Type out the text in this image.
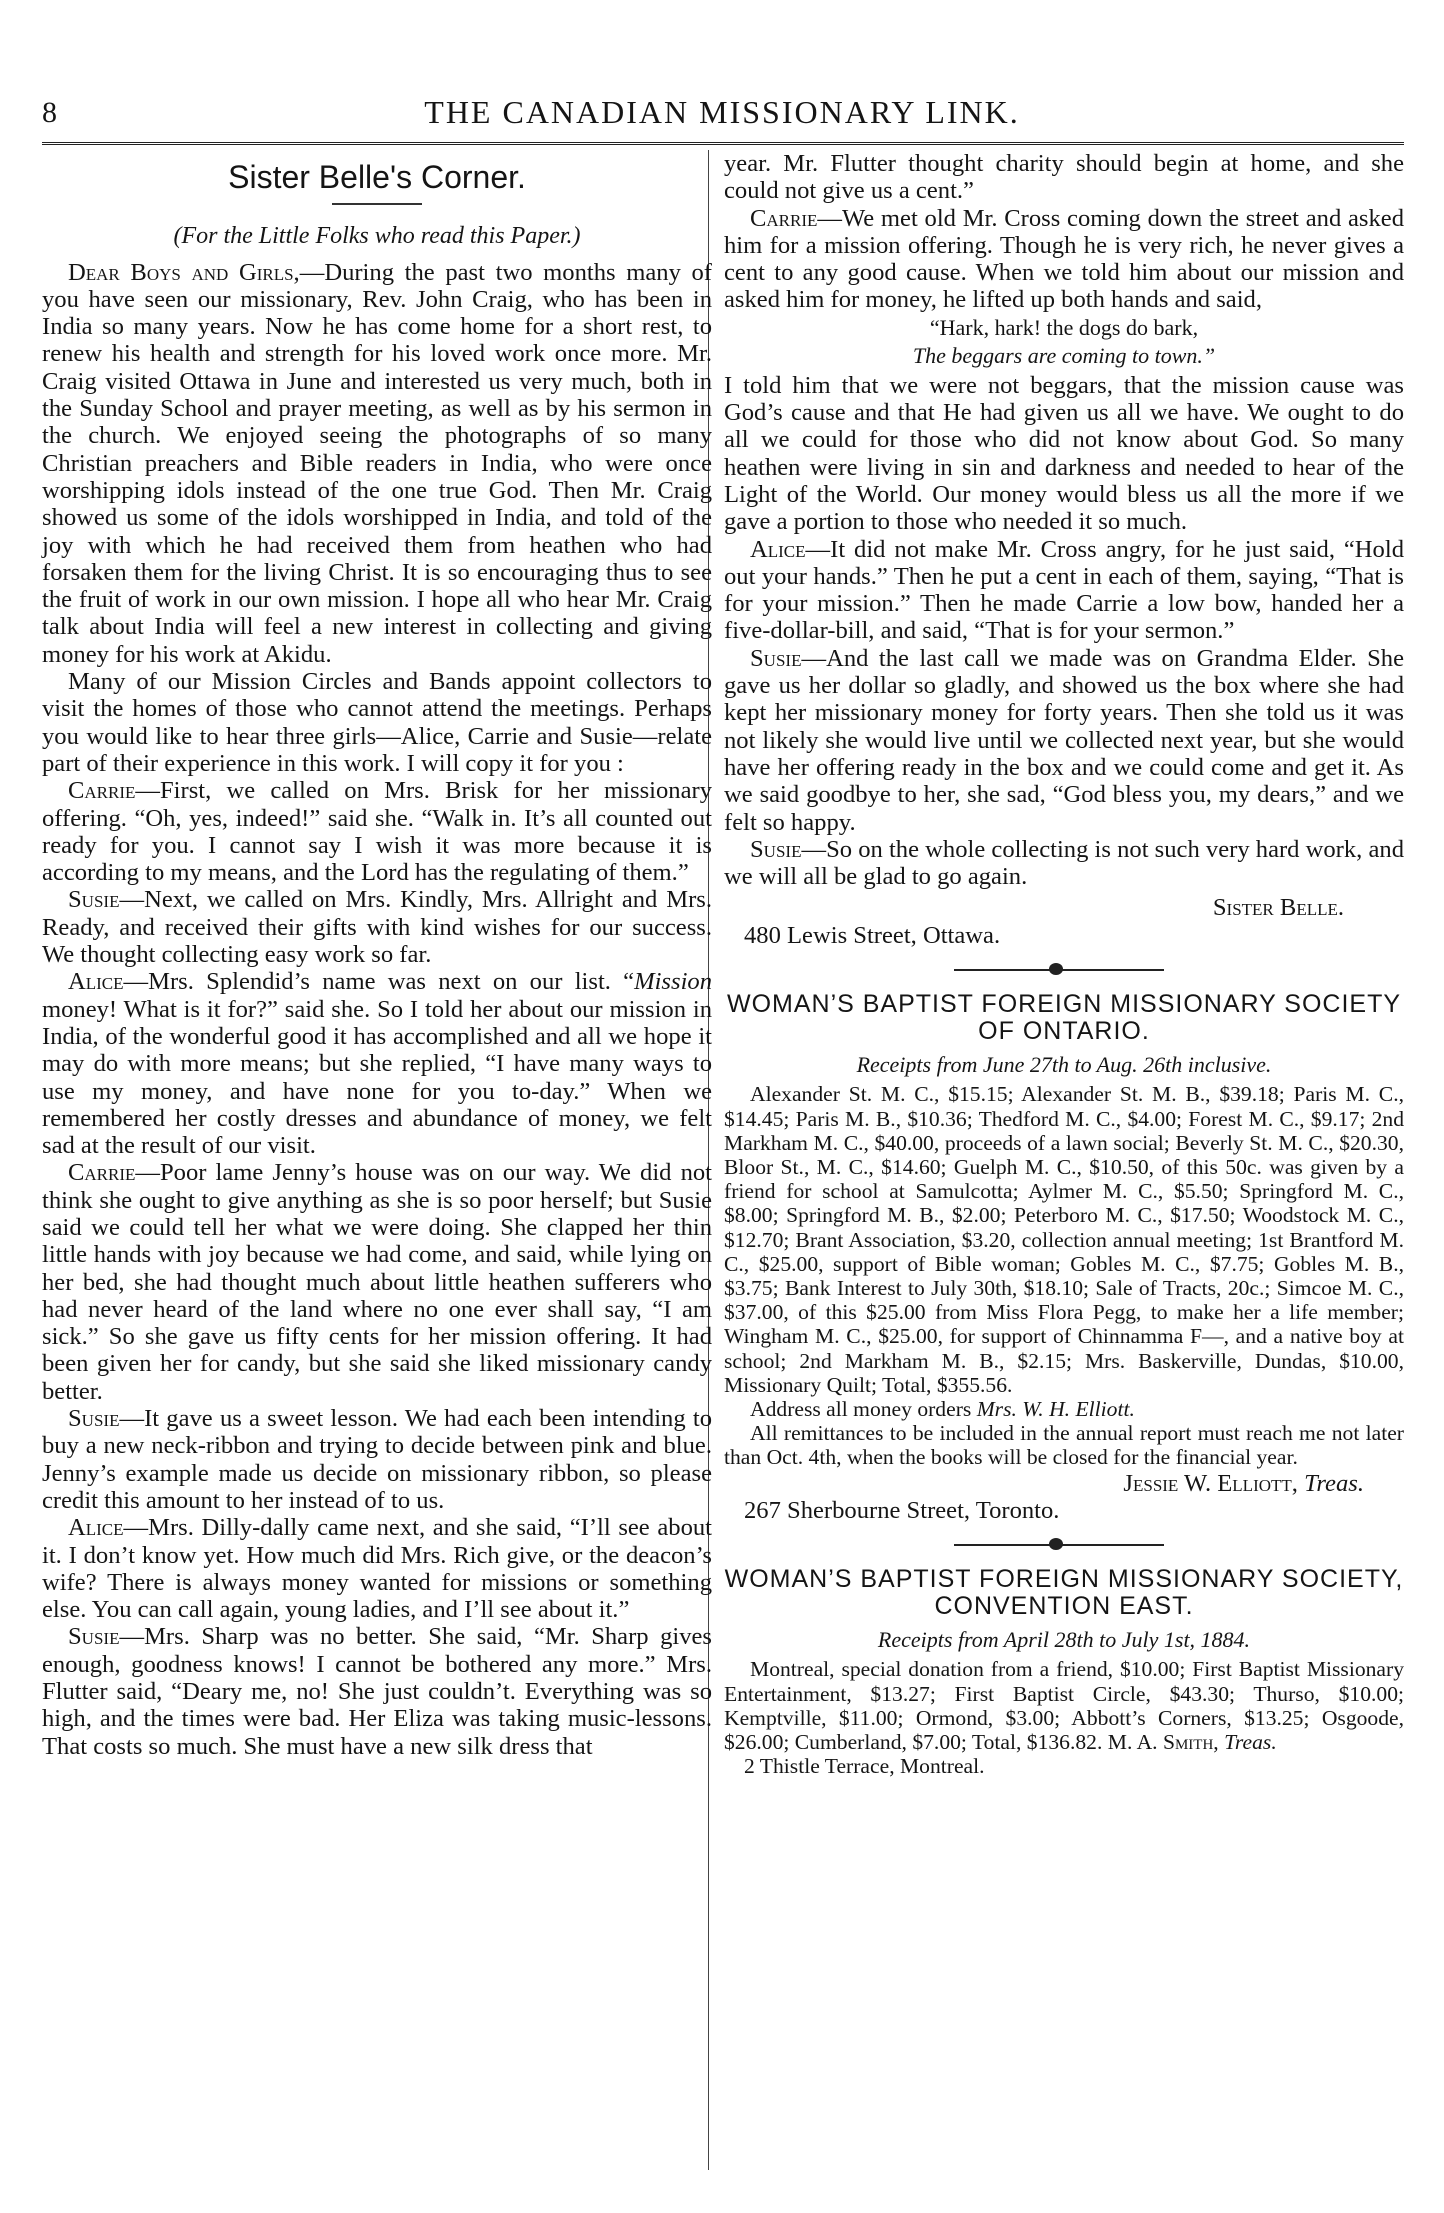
8	THE CANADIAN MISSIONARY LINK.
Sister Belle's Corner.
(For the Little Folks who read this Paper.)

Dear Boys and Girls,—During the past two months many of you have seen our missionary, Rev. John Craig, who has been in India so many years. Now he has come home for a short rest, to renew his health and strength for his loved work once more. Mr. Craig visited Ottawa in June and interested us very much, both in the Sunday School and prayer meeting, as well as by his sermon in the church. We enjoyed seeing the photographs of so many Christian preachers and Bible readers in India, who were once worshipping idols instead of the one true God. Then Mr. Craig showed us some of the idols worshipped in India, and told of the joy with which he had received them from heathen who had forsaken them for the living Christ. It is so encouraging thus to see the fruit of work in our own mission. I hope all who hear Mr. Craig talk about India will feel a new interest in collecting and giving money for his work at Akidu.

Many of our Mission Circles and Bands appoint collectors to visit the homes of those who cannot attend the meetings. Perhaps you would like to hear three girls—Alice, Carrie and Susie—relate part of their experience in this work. I will copy it for you :

Carrie—First, we called on Mrs. Brisk for her missionary offering. “Oh, yes, indeed!” said she. “Walk in. It’s all counted out ready for you. I cannot say I wish it was more because it is according to my means, and the Lord has the regulating of them.”

Susie—Next, we called on Mrs. Kindly, Mrs. Allright and Mrs. Ready, and received their gifts with kind wishes for our success. We thought collecting easy work so far.

Alice—Mrs. Splendid’s name was next on our list. “Mission money! What is it for?” said she. So I told her about our mission in India, of the wonderful good it has accomplished and all we hope it may do with more means; but she replied, “I have many ways to use my money, and have none for you to-day.” When we remembered her costly dresses and abundance of money, we felt sad at the result of our visit.

Carrie—Poor lame Jenny’s house was on our way. We did not think she ought to give anything as she is so poor herself; but Susie said we could tell her what we were doing. She clapped her thin little hands with joy because we had come, and said, while lying on her bed, she had thought much about little heathen sufferers who had never heard of the land where no one ever shall say, “I am sick.” So she gave us fifty cents for her mission offering. It had been given her for candy, but she said she liked missionary candy better.

Susie—It gave us a sweet lesson. We had each been intending to buy a new neck-ribbon and trying to decide between pink and blue. Jenny’s example made us decide on missionary ribbon, so please credit this amount to her instead of to us.

Alice—Mrs. Dilly-dally came next, and she said, “I’ll see about it. I don’t know yet. How much did Mrs. Rich give, or the deacon’s wife? There is always money wanted for missions or something else. You can call again, young ladies, and I’ll see about it.”

Susie—Mrs. Sharp was no better. She said, “Mr. Sharp gives enough, goodness knows! I cannot be bothered any more.” Mrs. Flutter said, “Deary me, no! She just couldn’t. Everything was so high, and the times were bad. Her Eliza was taking music-lessons. That costs so much. She must have a new silk dress that

year. Mr. Flutter thought charity should begin at home, and she could not give us a cent.”

Carrie—We met old Mr. Cross coming down the street and asked him for a mission offering. Though he is very rich, he never gives a cent to any good cause. When we told him about our mission and asked him for money, he lifted up both hands and said,

“Hark, hark! the dogs do bark,
The beggars are coming to town.”

I told him that we were not beggars, that the mission cause was God’s cause and that He had given us all we have. We ought to do all we could for those who did not know about God. So many heathen were living in sin and darkness and needed to hear of the Light of the World. Our money would bless us all the more if we gave a portion to those who needed it so much.

Alice—It did not make Mr. Cross angry, for he just said, “Hold out your hands.” Then he put a cent in each of them, saying, “That is for your mission.” Then he made Carrie a low bow, handed her a five-dollar-bill, and said, “That is for your sermon.”

Susie—And the last call we made was on Grandma Elder. She gave us her dollar so gladly, and showed us the box where she had kept her missionary money for forty years. Then she told us it was not likely she would live until we collected next year, but she would have her offering ready in the box and we could come and get it. As we said goodbye to her, she sad, “God bless you, my dears,” and we felt so happy.

Susie—So on the whole collecting is not such very hard work, and we will all be glad to go again.

Sister Belle.
480 Lewis Street, Ottawa.
WOMAN’S BAPTIST FOREIGN MISSIONARY SOCIETY OF ONTARIO.
Receipts from June 27th to Aug. 26th inclusive.

Alexander St. M. C., $15.15; Alexander St. M. B., $39.18; Paris M. C., $14.45; Paris M. B., $10.36; Thedford M. C., $4.00; Forest M. C., $9.17; 2nd Markham M. C., $40.00, proceeds of a lawn social; Beverly St. M. C., $20.30, Bloor St., M. C., $14.60; Guelph M. C., $10.50, of this 50c. was given by a friend for school at Samulcotta; Aylmer M. C., $5.50; Springford M. C., $8.00; Springford M. B., $2.00; Peterboro M. C., $17.50; Woodstock M. C., $12.70; Brant Association, $3.20, collection annual meeting; 1st Brantford M. C., $25.00, support of Bible woman; Gobles M. C., $7.75; Gobles M. B., $3.75; Bank Interest to July 30th, $18.10; Sale of Tracts, 20c.; Simcoe M. C., $37.00, of this $25.00 from Miss Flora Pegg, to make her a life member; Wingham M. C., $25.00, for support of Chinnamma F—, and a native boy at school; 2nd Markham M. B., $2.15; Mrs. Baskerville, Dundas, $10.00, Missionary Quilt; Total, $355.56.

Address all money orders Mrs. W. H. Elliott.

All remittances to be included in the annual report must reach me not later than Oct. 4th, when the books will be closed for the financial year.

Jessie W. Elliott, Treas.
267 Sherbourne Street, Toronto.
WOMAN’S BAPTIST FOREIGN MISSIONARY SOCIETY, CONVENTION EAST.
Receipts from April 28th to July 1st, 1884.

Montreal, special donation from a friend, $10.00; First Baptist Missionary Entertainment, $13.27; First Baptist Circle, $43.30; Thurso, $10.00; Kemptville, $11.00; Ormond, $3.00; Abbott’s Corners, $13.25; Osgoode, $26.00; Cumberland, $7.00; Total, $136.82. M. A. Smith, Treas.

2 Thistle Terrace, Montreal.
